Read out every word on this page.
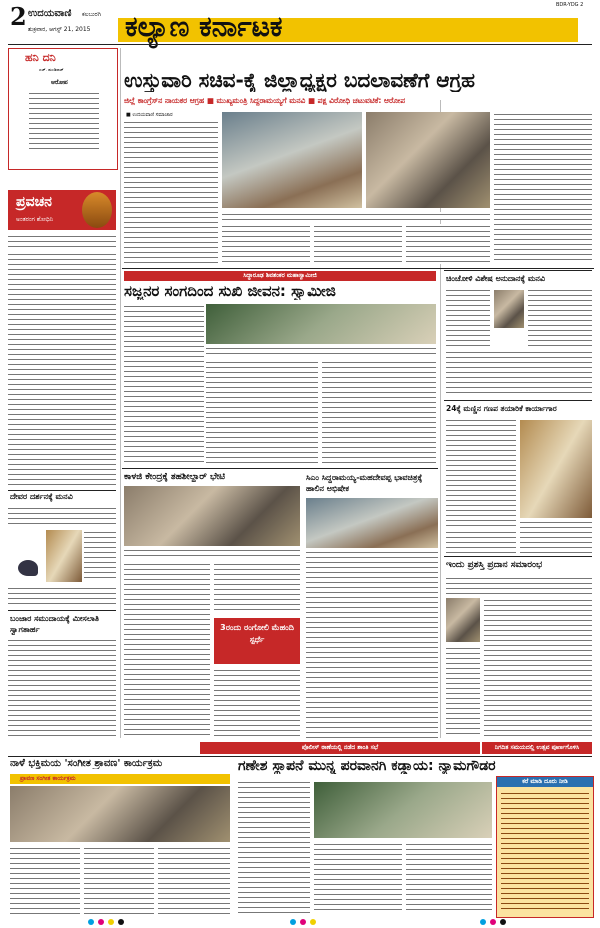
2 ಉದಯವಾಣಿ ಕಲಬುರಗಿ
ಶುಕ್ರವಾರ, ಆಗಸ್ಟ್ 21, 2015 ಕಲ್ಯಾಣ ಕರ್ನಾಟಕ
BDR-YDG 2
ಹನಿ ದನಿ
ಎಚ್. ಡುಂಡಿರಾಜ್
ಆರೋಪ
ಪ್ರವಚನ
ಅಂತರಂಗ ಶೋಧಿನಿ
ದೇವರ ದರ್ಶನಕ್ಕೆ ಮನವಿ
ಬಂಜಾರ ಸಮುದಾಯಕ್ಕೆ ಮೀಸಲಾತಿ ಸ್ವಾಗತಾರ್ಹ
ಉಸ್ತುವಾರಿ ಸಚಿವ-ಕೈ ಜಿಲ್ಲಾಧ್ಯಕ್ಷರ ಬದಲಾವಣೆಗೆ ಆಗ್ರಹ
ಜಿಲ್ಲೆ ಕಾಂಗ್ರೆಸ್‌ನ ನಾಯಕರ ಆಗ್ರಹ ■ ಮುಖ್ಯಮಂತ್ರಿ ಸಿದ್ದರಾಮಯ್ಯಗೆ ಮನವಿ ■ ಪಕ್ಷ ವಿರೋಧಿ ಚಟುವಟಿಕೆ: ಆರೋಪ
■ ಉದಯವಾಣಿ ಸಮಾಚಾರ
ಸಿದ್ಧಾರೂಢ ಶಿವಶಂಕರ ಮಹಾಸ್ವಾಮೀಜಿ
ಸಜ್ಜನರ ಸಂಗದಿಂದ ಸುಖಿ ಜೀವನ: ಸ್ವಾಮೀಜಿ
ಕಾಳಜಿ ಕೇಂದ್ರಕ್ಕೆ ತಹಶೀಲ್ದಾರ್ ಭೇಟಿ	ಸಿಎಂ ಸಿದ್ದರಾಮಯ್ಯ-ಮಹದೇವಪ್ಪ ಭಾವಚಿತ್ರಕ್ಕೆ ಹಾಲಿನ ಅಭಿಷೇಕ
3ರಂದು ರಂಗೋಲಿ ಮೆಹಂದಿ ಸ್ಪರ್ಧೆ
ಚಿಂಚೋಳಿ ವಿಶೇಷ ಅನುದಾನಕ್ಕೆ ಮನವಿ
24ಕ್ಕೆ ಮಣ್ಣಿನ ಗಣಪ ತಯಾರಿಕೆ ಕಾರ್ಯಾಗಾರ
ಇಂದು ಪ್ರಶಸ್ತಿ ಪ್ರದಾನ ಸಮಾರಂಭ
ಪೊಲೀಸ್ ಠಾಣೆಯಲ್ಲಿ ನಡೆದ ಶಾಂತಿ ಸಭೆ	ನಿಗದಿತ ಸಮಯದಲ್ಲಿ ಉತ್ಸವ ಪೂರ್ಣಗೊಳಿಸಿ
ನಾಳೆ ಭಕ್ತಿಮಯ 'ಸಂಗೀತ ಶ್ರಾವಣ' ಕಾರ್ಯಕ್ರಮ
ಪ್ರಾವಣ ಸಂಗೀತ ಕಾರ್ಯಕ್ರಮ
ಗಣೇಶ ಸ್ಥಾಪನೆ ಮುನ್ನ ಪರವಾನಗಿ ಕಡ್ಡಾಯ: ನ್ಯಾಮಗೌಡರ
ಕರೆ ಮಾಡಿ ದೂರು ನೀಡಿ
